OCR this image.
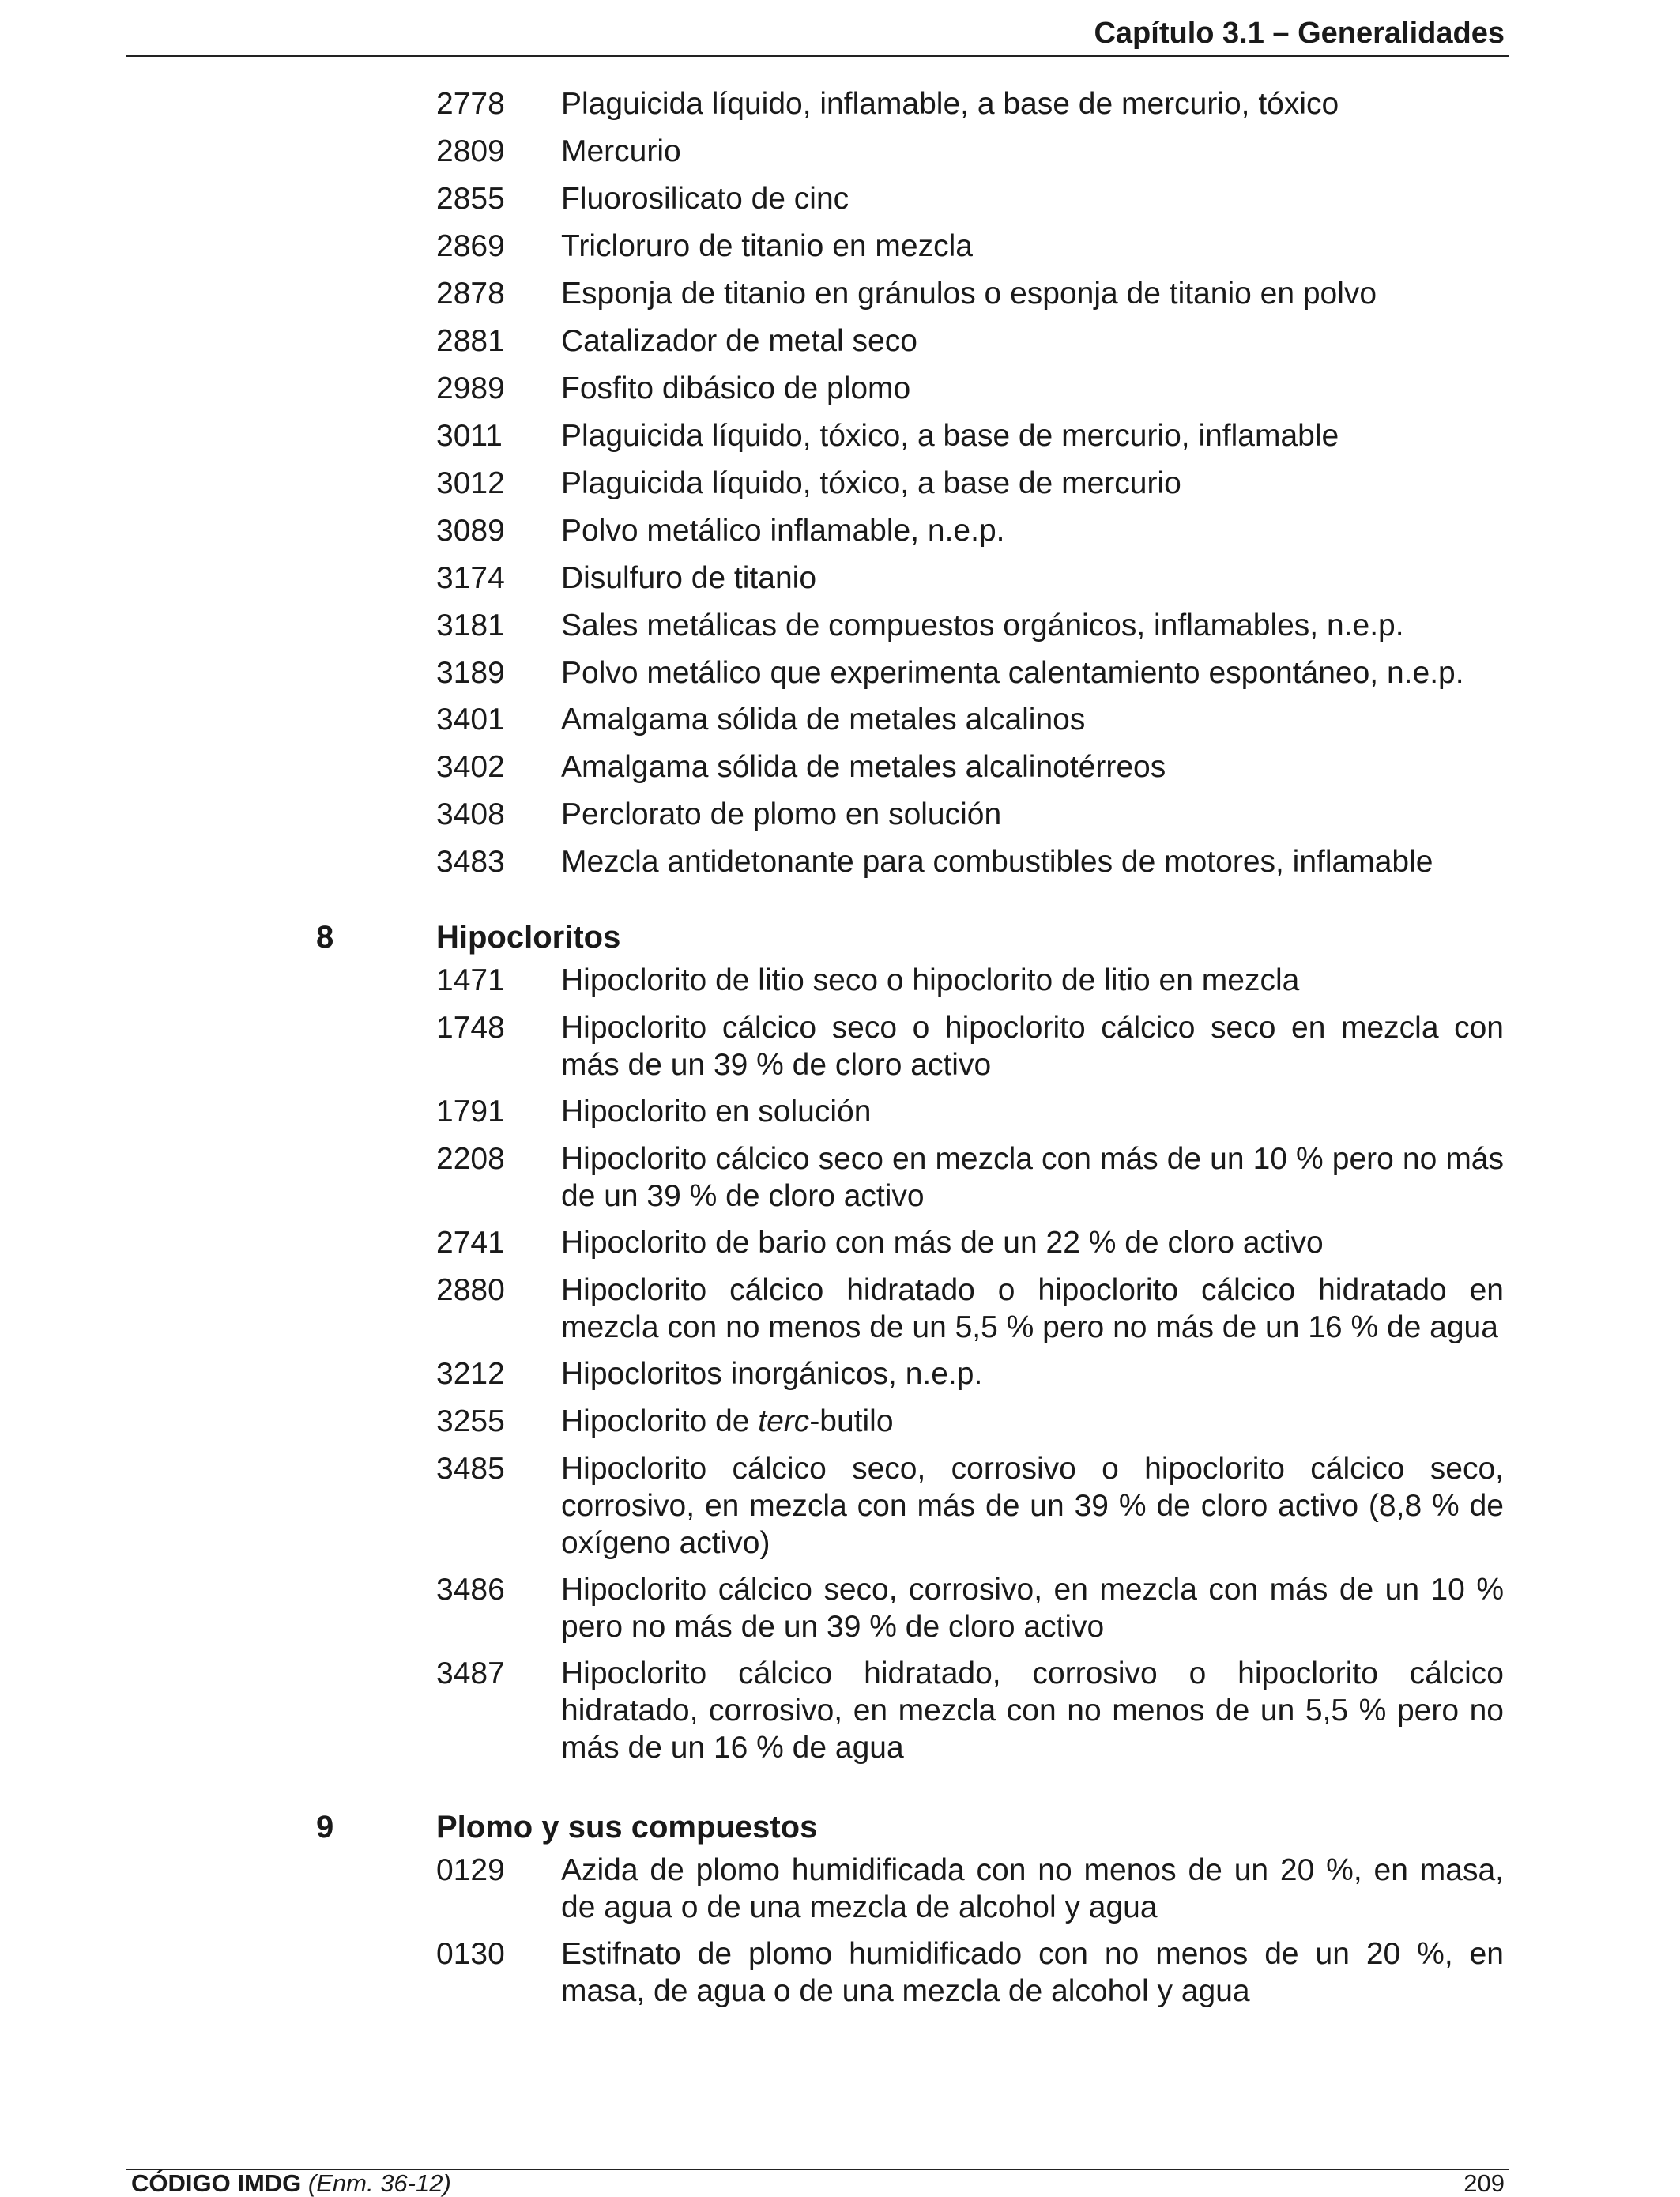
Capítulo 3.1 – Generalidades
2778 Plaguicida líquido, inflamable, a base de mercurio, tóxico
2809 Mercurio
2855 Fluorosilicato de cinc
2869 Tricloruro de titanio en mezcla
2878 Esponja de titanio en gránulos o esponja de titanio en polvo
2881 Catalizador de metal seco
2989 Fosfito dibásico de plomo
3011 Plaguicida líquido, tóxico, a base de mercurio, inflamable
3012 Plaguicida líquido, tóxico, a base de mercurio
3089 Polvo metálico inflamable, n.e.p.
3174 Disulfuro de titanio
3181 Sales metálicas de compuestos orgánicos, inflamables, n.e.p.
3189 Polvo metálico que experimenta calentamiento espontáneo, n.e.p.
3401 Amalgama sólida de metales alcalinos
3402 Amalgama sólida de metales alcalinotérreos
3408 Perclorato de plomo en solución
3483 Mezcla antidetonante para combustibles de motores, inflamable
8	Hipocloritos
1471 Hipoclorito de litio seco o hipoclorito de litio en mezcla
1748 Hipoclorito cálcico seco o hipoclorito cálcico seco en mezcla con más de un 39 % de cloro activo
1791 Hipoclorito en solución
2208 Hipoclorito cálcico seco en mezcla con más de un 10 % pero no más de un 39 % de cloro activo
2741 Hipoclorito de bario con más de un 22 % de cloro activo
2880 Hipoclorito cálcico hidratado o hipoclorito cálcico hidratado en mezcla con no menos de un 5,5 % pero no más de un 16 % de agua
3212 Hipocloritos inorgánicos, n.e.p.
3255 Hipoclorito de terc-butilo
3485 Hipoclorito cálcico seco, corrosivo o hipoclorito cálcico seco, corrosivo, en mezcla con más de un 39 % de cloro activo (8,8 % de oxígeno activo)
3486 Hipoclorito cálcico seco, corrosivo, en mezcla con más de un 10 % pero no más de un 39 % de cloro activo
3487 Hipoclorito cálcico hidratado, corrosivo o hipoclorito cálcico hidratado, corrosivo, en mezcla con no menos de un 5,5 % pero no más de un 16 % de agua
9	Plomo y sus compuestos
0129 Azida de plomo humidificada con no menos de un 20 %, en masa, de agua o de una mezcla de alcohol y agua
0130 Estifnato de plomo humidificado con no menos de un 20 %, en masa, de agua o de una mezcla de alcohol y agua
CÓDIGO IMDG (Enm. 36-12)	209
